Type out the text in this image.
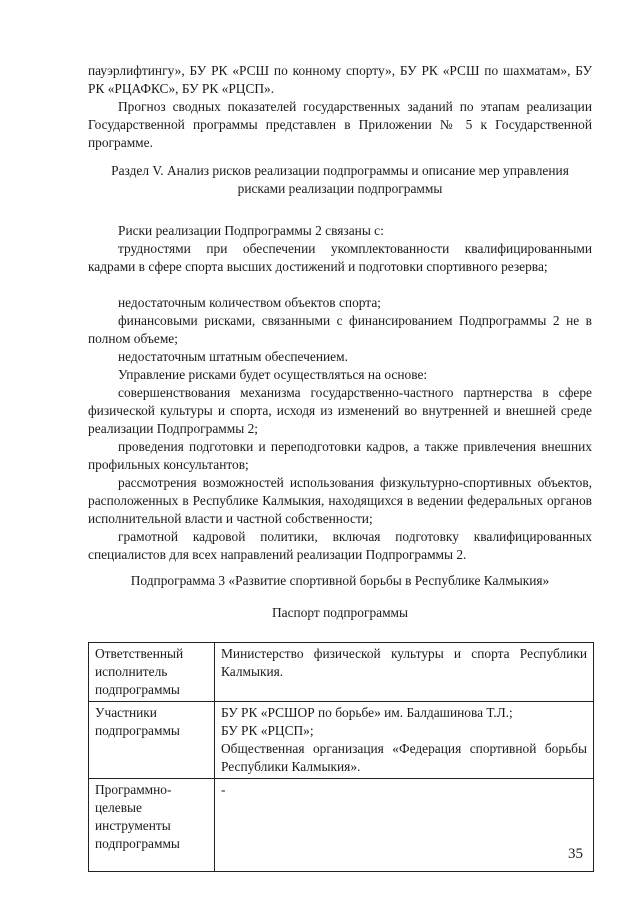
пауэрлифтингу», БУ РК «РСШ по конному спорту», БУ РК «РСШ по шахматам», БУ РК «РЦАФКС», БУ РК «РЦСП».

Прогноз сводных показателей государственных заданий по этапам реализации Государственной программы представлен в Приложении № 5 к Государственной программе.

Раздел V. Анализ рисков реализации подпрограммы и описание мер управления рисками реализации подпрограммы

Риски реализации Подпрограммы 2 связаны с:

трудностями при обеспечении укомплектованности квалифицированными кадрами в сфере спорта высших достижений и подготовки спортивного резерва;

недостаточным количеством объектов спорта;

финансовыми рисками, связанными с финансированием Подпрограммы 2 не в полном объеме;

недостаточным штатным обеспечением.

Управление рисками будет осуществляться на основе:

совершенствования механизма государственно-частного партнерства в сфере физической культуры и спорта, исходя из изменений во внутренней и внешней среде реализации Подпрограммы 2;

проведения подготовки и переподготовки кадров, а также привлечения внешних профильных консультантов;

рассмотрения возможностей использования физкультурно-спортивных объектов, расположенных в Республике Калмыкия, находящихся в ведении федеральных органов исполнительной власти и частной собственности;

грамотной кадровой политики, включая подготовку квалифицированных специалистов для всех направлений реализации Подпрограммы 2.

Подпрограмма 3 «Развитие спортивной борьбы в Республике Калмыкия»

Паспорт подпрограммы

Ответственный исполнитель подпрограммы	Министерство физической культуры и спорта Республики Калмыкия.
Участники подпрограммы	БУ РК «РСШОР по борьбе» им. Балдашинова Т.Л.;
БУ РК «РЦСП»;
Общественная организация «Федерация спортивной борьбы Республики Калмыкия».

Программно-целевые инструменты подпрограммы	-
35
